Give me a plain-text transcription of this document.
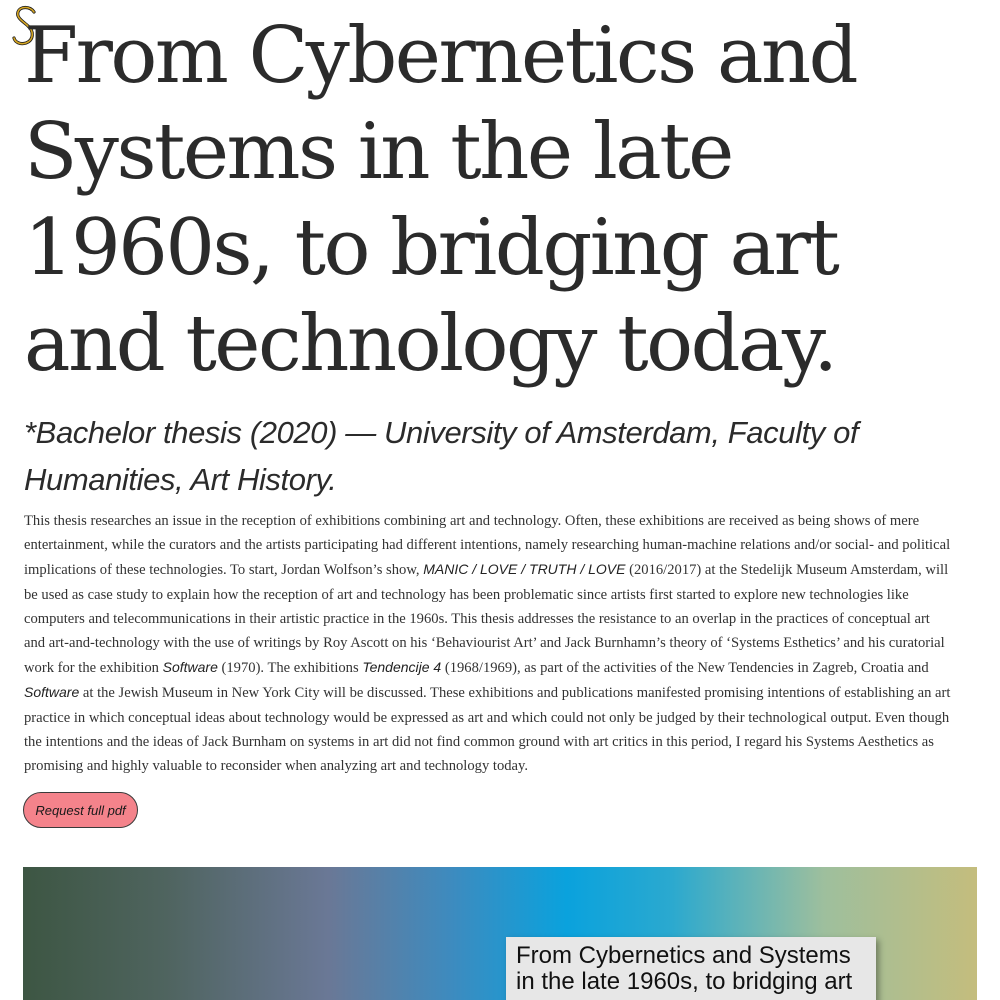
From Cybernetics and Systems in the late 1960s, to bridging art and technology today.
*Bachelor thesis (2020) — University of Amsterdam, Faculty of Humanities, Art History.

This thesis researches an issue in the reception of exhibitions combining art and technology. Often, these exhibitions are received as being shows of mere entertainment, while the curators and the artists participating had different intentions, namely researching human-machine relations and/or social- and political implications of these technologies. To start, Jordan Wolfson’s show, MANIC / LOVE / TRUTH / LOVE (2016/2017) at the Stedelijk Museum Amsterdam, will be used as case study to explain how the reception of art and technology has been problematic since artists first started to explore new technologies like computers and telecommunications in their artistic practice in the 1960s. This thesis addresses the resistance to an overlap in the practices of conceptual art and art-and-technology with the use of writings by Roy Ascott on his ‘Behaviourist Art’ and Jack Burnhamn’s theory of ‘Systems Esthetics’ and his curatorial work for the exhibition Software (1970). The exhibitions Tendencije 4 (1968/1969), as part of the activities of the New Tendencies in Zagreb, Croatia and Software at the Jewish Museum in New York City will be discussed. These exhibitions and publications manifested promising intentions of establishing an art practice in which conceptual ideas about technology would be expressed as art and which could not only be judged by their technological output. Even though the intentions and the ideas of Jack Burnham on systems in art did not find common ground with art critics in this period, I regard his Systems Aesthetics as promising and highly valuable to reconsider when analyzing art and technology today.

Request full pdf

From Cybernetics and Systems in the late 1960s, to bridging art
